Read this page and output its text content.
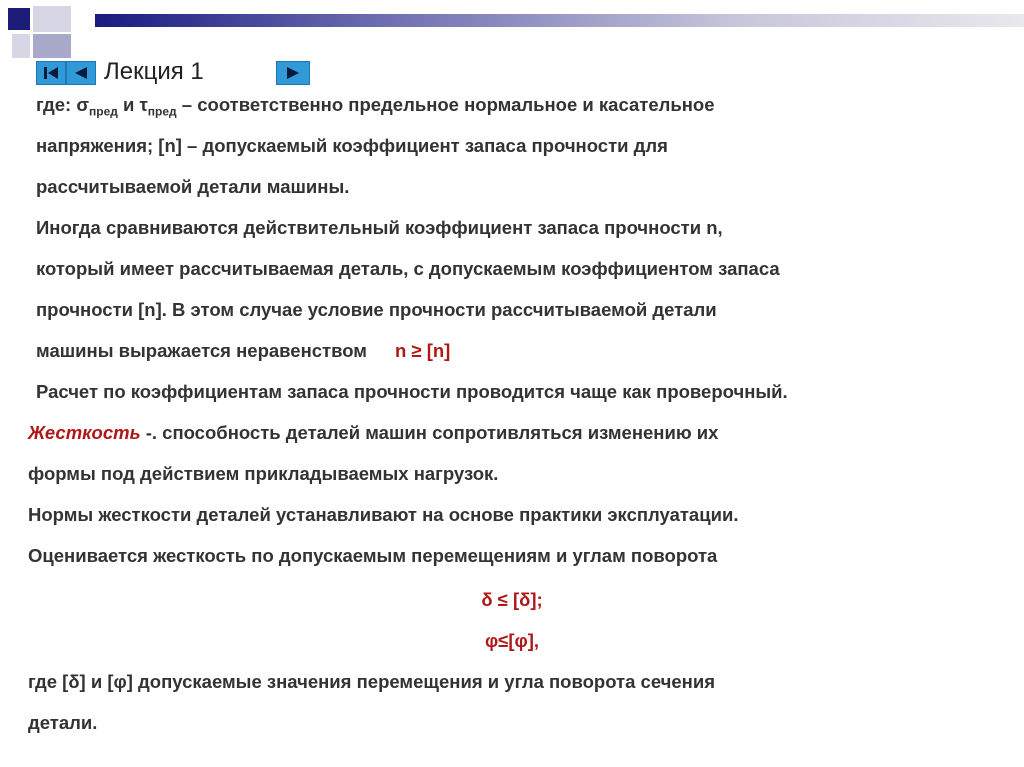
Лекция 1
где: $\sigma_{пред}$ и $\tau_{пред}$ – соответственно предельное нормальное и касательное
напряжения; [n] – допускаемый коэффициент запаса прочности для
рассчитываемой детали машины.
Иногда сравниваются действительный коэффициент запаса прочности n,
который имеет рассчитываемая деталь, с допускаемым коэффициентом запаса
прочности [n]. В этом случае условие прочности рассчитываемой детали
машины выражается неравенством n ≥ [n]
Расчет по коэффициентам запаса прочности проводится чаще как проверочный.
Жесткость -. способность деталей машин сопротивляться изменению их
формы под действием прикладываемых нагрузок.
Нормы жесткости деталей устанавливают на основе практики эксплуатации.
Оценивается жесткость по допускаемым перемещениям и углам поворота
δ ≤ [δ];
φ≤[φ],
где [δ] и [φ] допускаемые значения перемещения и угла поворота сечения
детали.
